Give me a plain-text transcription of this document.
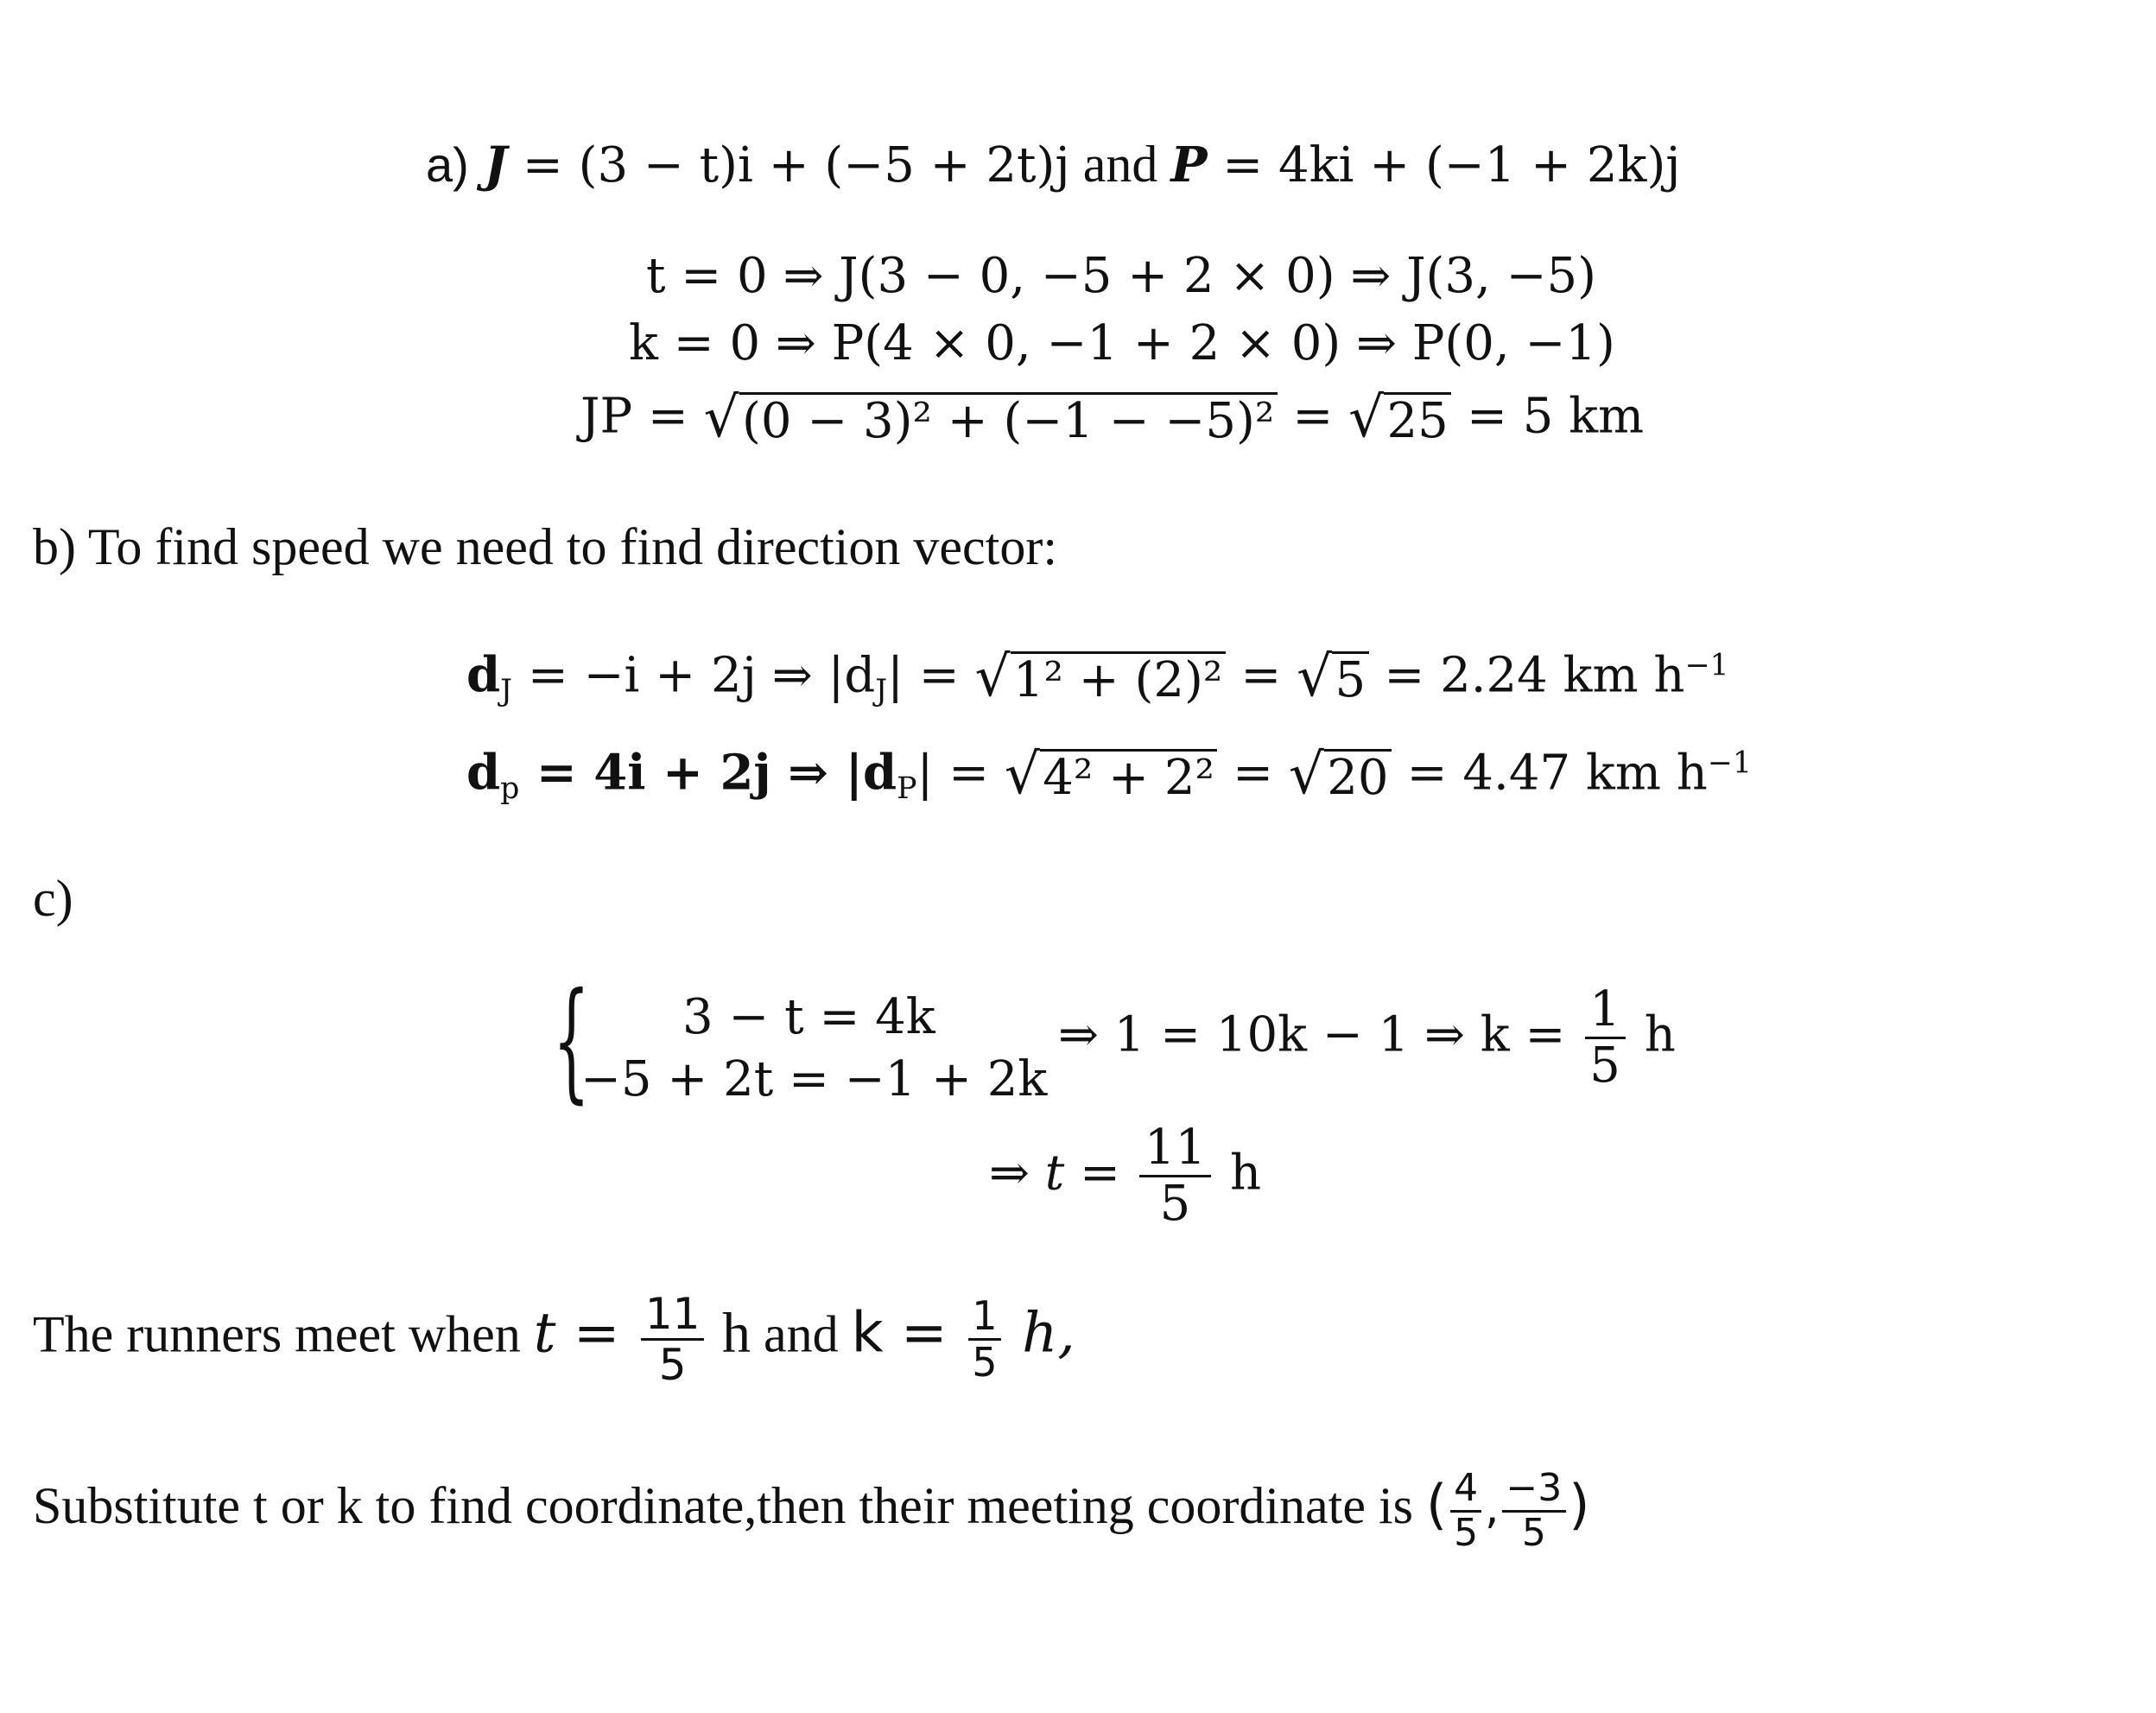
a) J = (3 − t)i + (−5 + 2t)j and P = 4ki + (−1 + 2k)j
t = 0 ⇒ J(3 − 0, −5 + 2 × 0) ⇒ J(3, −5)
k = 0 ⇒ P(4 × 0, −1 + 2 × 0) ⇒ P(0, −1)
JP = √ (0 − 3)² + (−1 − −5)² = √ 25 = 5 km
b) To find speed we need to find direction vector:
$d_J = -i + 2j$ ⇒ $|d_J|$ = √ 1² + (2)² = √ 5 = 2.24 km $h^{-1}$
$d_p = 4i + 2j$ ⇒ $|d_P|$ = √ 4² + 2² = √ 20 = 4.47 km $h^{-1}$
c)
{ 3 − t = 4k
−5 + 2t = −1 + 2k
⇒ 1 = 10k − 1 ⇒ $k = \frac{1}{5}$ h
⇒ $t = \frac{11}{5}$ h
The runners meet when $t = \frac{11}{5}$ h and $k = \frac{1}{5} h$,
Substitute t or k to find coordinate,then their meeting coordinate is ( $\frac{4}{5}$ , $\frac{-3}{5}$ )
